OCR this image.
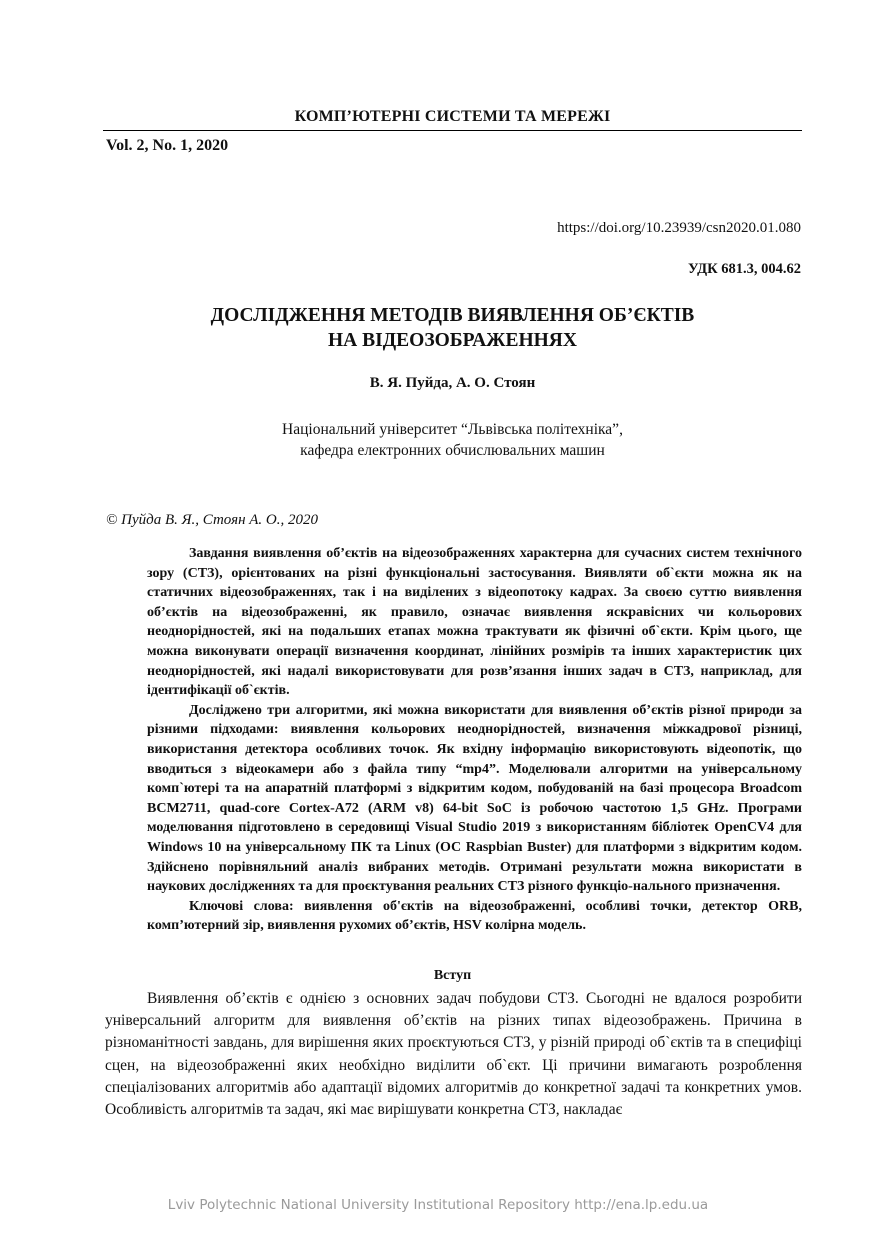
КОМП’ЮТЕРНІ СИСТЕМИ ТА МЕРЕЖІ
Vol. 2, No. 1, 2020
https://doi.org/10.23939/csn2020.01.080
УДК 681.3, 004.62
ДОСЛІДЖЕННЯ МЕТОДІВ ВИЯВЛЕННЯ ОБ’ЄКТІВ
НА ВІДЕОЗОБРАЖЕННЯХ
В. Я. Пуйда, А. О. Стоян
Національний університет “Львівська політехніка”,
кафедра електронних обчислювальних машин
© Пуйда В. Я., Стоян А. О., 2020

Завдання виявлення об’єктів на відеозображеннях характерна для сучасних систем технічного зору (СТЗ), орієнтованих на різні функціональні застосування. Виявляти об`єкти можна як на статичних відеозображеннях, так і на виділених з відеопотоку кадрах. За своєю суттю виявлення об’єктів на відеозображенні, як правило, означає виявлення яскравісних чи кольорових неоднорідностей, які на подальших етапах можна трактувати як фізичні об`єкти. Крім цього, ще можна виконувати операції визначення координат, лінійних розмірів та інших характеристик цих неоднорідностей, які надалі використовувати для розв’язання інших задач в СТЗ, наприклад, для ідентифікації об`єктів.

Досліджено три алгоритми, які можна використати для виявлення об’єктів різної природи за різними підходами: виявлення кольорових неоднорідностей, визначення міжкадрової різниці, використання детектора особливих точок. Як вхідну інформацію використовують відеопотік, що вводиться з відеокамери або з файла типу “mp4”. Моделювали алгоритми на універсальному комп`ютері та на апаратній платформі з відкритим кодом, побудованій на базі процесора Broadcom BCM2711, quad-core Cortex-A72 (ARM v8) 64-bit SoC із робочою частотою 1,5 GHz. Програми моделювання підготовлено в середовищі Visual Studio 2019 з використанням бібліотек OpenCV4 для Windows 10 на універсальному ПК та Linux (ОС Raspbian Buster) для платформи з відкритим кодом. Здійснено порівняльний аналіз вибраних методів. Отримані результати можна використати в наукових дослідженнях та для проєктування реальних СТЗ різного функціо-нального призначення.

Ключові слова: виявлення об'єктів на відеозображенні, особливі точки, детектор ORB, комп’ютерний зір, виявлення рухомих об’єктів, HSV колірна модель.

Вступ

Виявлення об’єктів є однією з основних задач побудови СТЗ. Сьогодні не вдалося розробити універсальний алгоритм для виявлення об’єктів на різних типах відеозображень. Причина в різноманітності завдань, для вирішення яких проєктуються СТЗ, у різній природі об`єктів та в специфіці сцен, на відеозображенні яких необхідно виділити об`єкт. Ці причини вимагають розроблення спеціалізованих алгоритмів або адаптації відомих алгоритмів до конкретної задачі та конкретних умов. Особливість алгоритмів та задач, які має вирішувати конкретна СТЗ, накладає

Lviv Polytechnic National University Institutional Repository http://ena.lp.edu.ua
